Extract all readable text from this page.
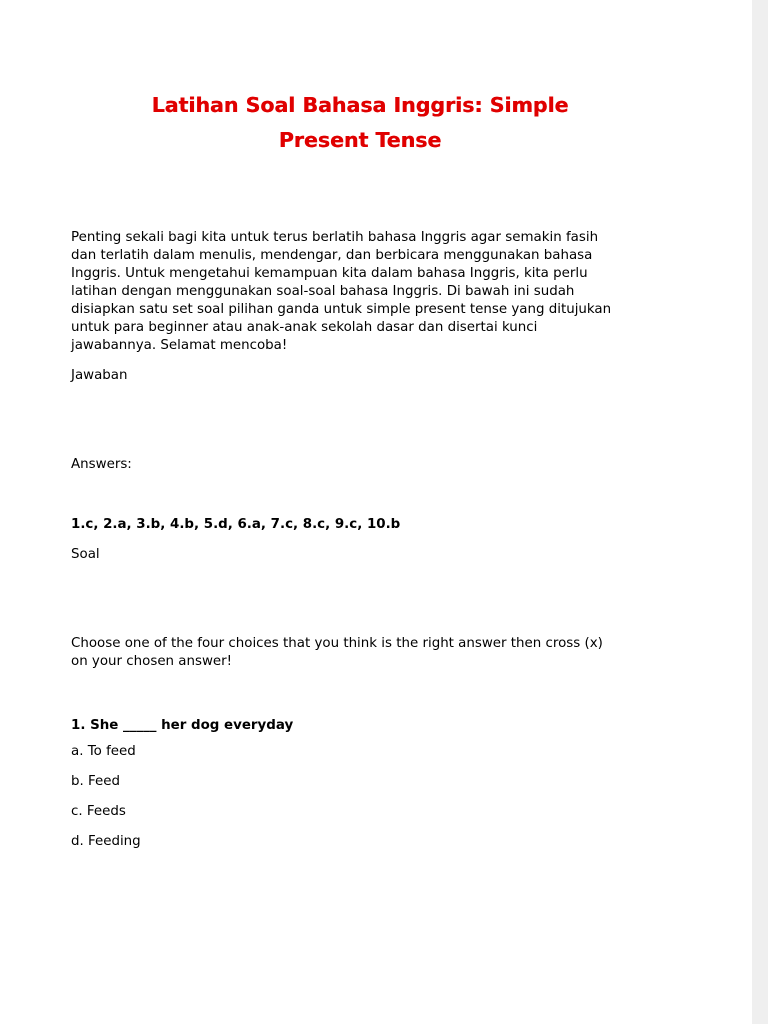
Latihan Soal Bahasa Inggris: Simple
Present Tense
Penting sekali bagi kita untuk terus berlatih bahasa Inggris agar semakin fasih
dan terlatih dalam menulis, mendengar, dan berbicara menggunakan bahasa
Inggris. Untuk mengetahui kemampuan kita dalam bahasa Inggris, kita perlu
latihan dengan menggunakan soal-soal bahasa Inggris. Di bawah ini sudah
disiapkan satu set soal pilihan ganda untuk simple present tense yang ditujukan
untuk para beginner atau anak-anak sekolah dasar dan disertai kunci
jawabannya. Selamat mencoba!

Jawaban

Answers:

1.c, 2.a, 3.b, 4.b, 5.d, 6.a, 7.c, 8.c, 9.c, 10.b

Soal

Choose one of the four choices that you think is the right answer then cross (x)
on your chosen answer!

1. She _____ her dog everyday

a. To feed

b. Feed

c. Feeds

d. Feeding
